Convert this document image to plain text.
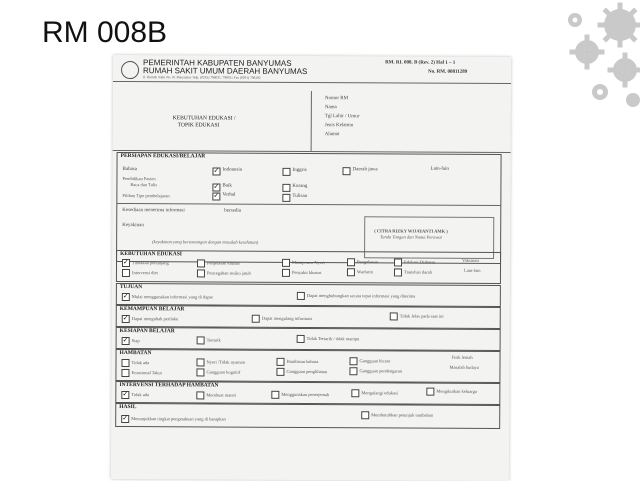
RM 008B
PEMERINTAH KABUPATEN BANYUMAS
RUMAH SAKIT UMUM DAERAH BANYUMAS
Jl. Rumah Sakit No. 01 Banyumas Telp. (0281) 796031, 796011 Fax (0281) 796182
RM. RI. 008. B (Rev. 2) Hal 1 – 1
No. RM. 00811289
KEBUTUHAN EDUKASI /
TOPIK EDUKASI
Nomor RM
Nama
Tgl Lahir / Umur
Jenis Kelamin
Alamat
PERSIAPAN EDUKASI/BELAJAR
Bahasa ✓	Indonesia	Inggris	Daerah jawa	Lain-lain
Pendidikan Pasien
Baca dan Tulis ✓	Baik	Kurang
Pilihan Tipe pembelajaran ✓	Verbal	Tulisan
Kesediaan menerima informasi	bersedia
Keyakinan
(keyakinan yang bertentangan dengan masalah kesehatan)
( CITRA RIZKY WIJAYANTI AMK )
Tanda Tangan dan Nama Perawat
KEBUTUHAN EDUKASI
✓
Tindakan penunjang	Penjelasan khusus	Manajemen Nyeri	Pengobatan	Edukasi Diabetes	Vaksinasi
Intervensi diet	Pencegahan resiko jatuh	Penyakit khusus	Warfarin	Transfusi darah	Lain-lain
TUJUAN
✓
Mulai menggunakan informasi yang di dapat	Dapat menghubungkan secara tepat informasi yang diterima
KEMAMPUAN BELAJAR
✓
Dapat mengubah perilaku	Dapat mengulang informasi	Tidak Jelas pada saat ini
KESIAPAN BELAJAR
✓
Siap	Tertarik	Tidak Tertarik / tidak mampu
HAMBATAN
Tidak ada	Nyeri /Tidak nyaman	Hambatan bahasa	Gangguan bicara
Fisik lemah
Emosional Takut	Gangguan kognitif	Gangguan penglihatan	Gangguan pendengaran
Masalah budaya
INTERVENSI TERHADAP HAMBATAN
✓
Tidak ada	Membuat materi	Menggunakan penerjemah	Mengulangi edukasi	Mengikutkan keluarga
HASIL
✓
Menunjukkan tingkat pengetahuan yang di harapkan
Membutuhkan petunjuk tambahan
